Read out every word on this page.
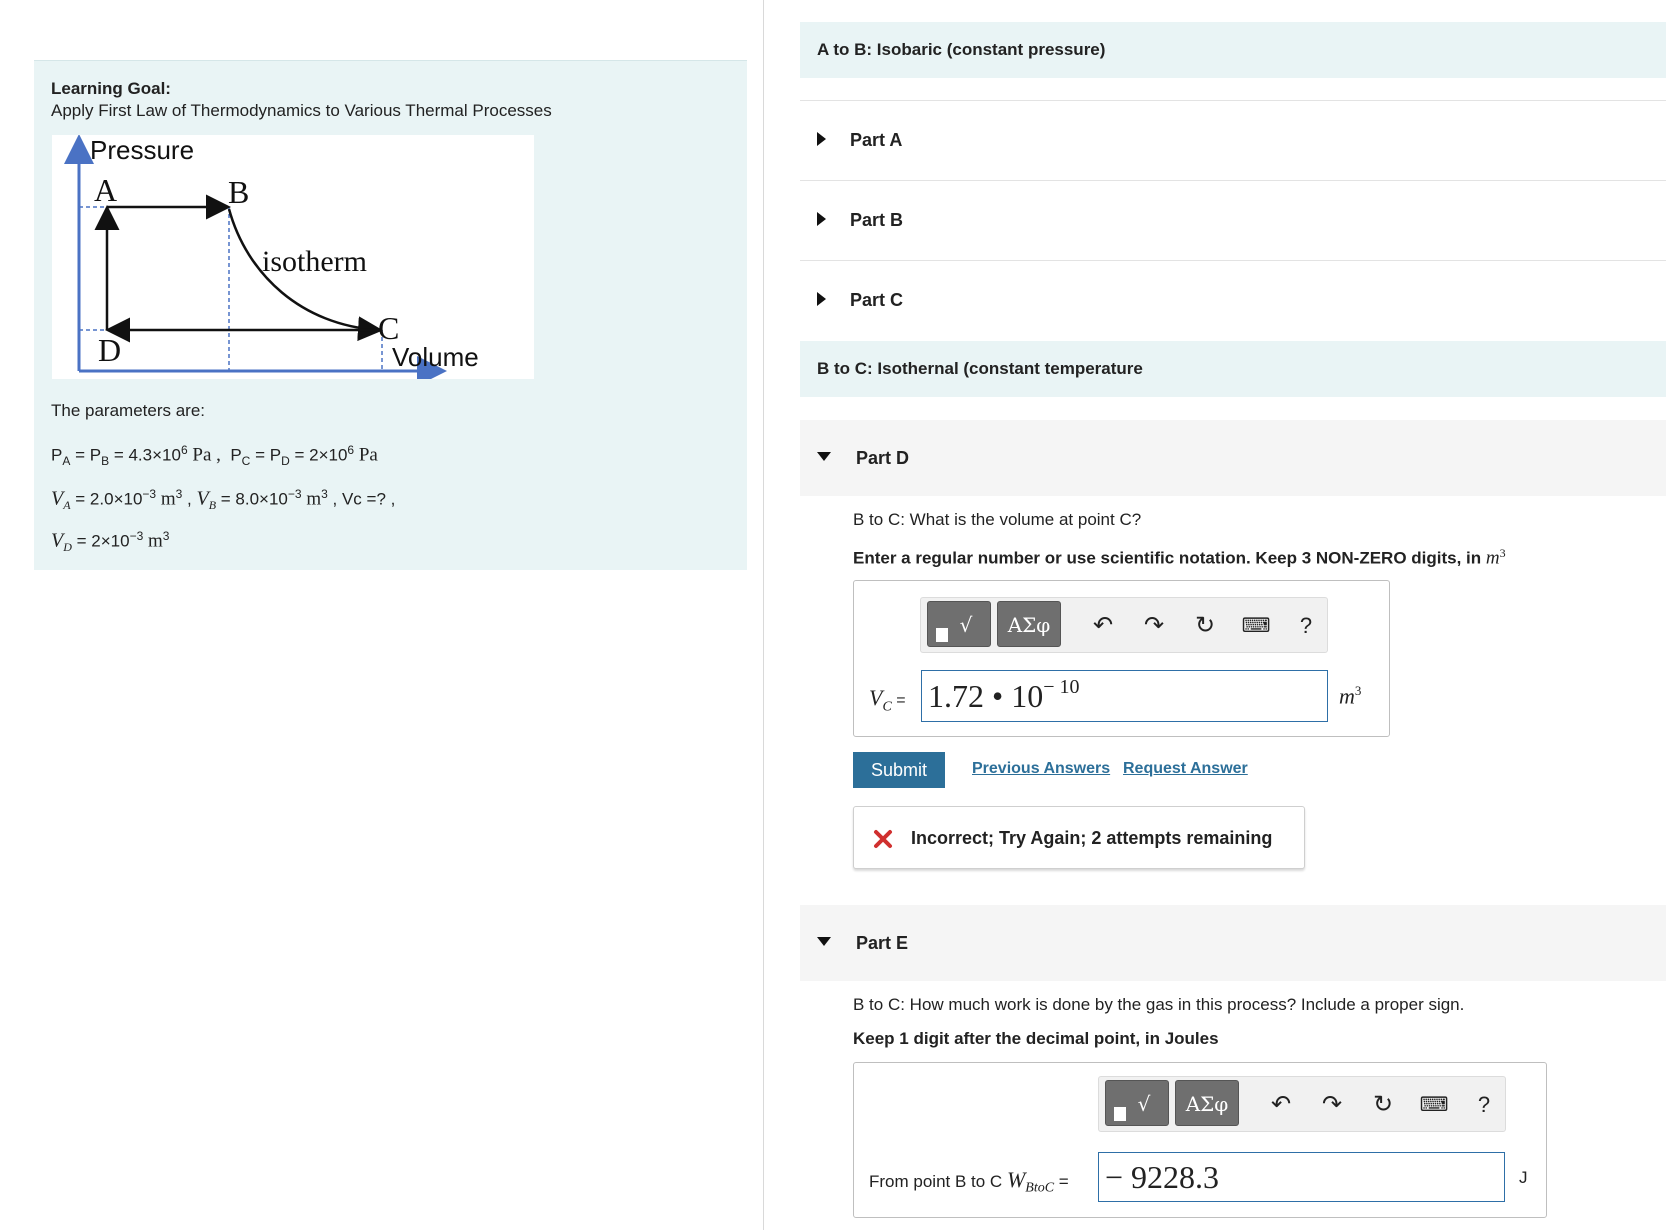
Learning Goal:
Apply First Law of Thermodynamics to Various Thermal Processes
Pressure
Volume
A	B
C
D
isotherm
The parameters are:
$P_A = P_B = 4.3\times 10^6$ Pa , $P_C = P_D = 2\times 10^6$ Pa
$V_A = 2.0\times 10^{-3}$ $m^3$ , $V_B = 8.0\times 10^{-3}$ $m^3$ , Vc =? ,
$V_D = 2\times 10^{-3}$ $m^3$
A to B: Isobaric (constant pressure)
Part A
Part B
Part C
B to C: Isothernal (constant temperature
Part D
B to C: What is the volume at point C?
Enter a regular number or use scientific notation. Keep 3 NON-ZERO digits, in $m^3$
√	ΑΣφ	↶ ↷ ↻ ⌨	?
$V_C = 1.72$ • $10^{- 10}$	$m^3$
Submit	Previous Answers Request Answer
Incorrect; Try Again; 2 attempts remaining
Part E
B to C: How much work is done by the gas in this process? Include a proper sign.
Keep 1 digit after the decimal point, in Joules
√	ΑΣφ	↶ ↷ ↻ ⌨	?
From point B to C $W_{BtoC}$ = − 9228.3	J
